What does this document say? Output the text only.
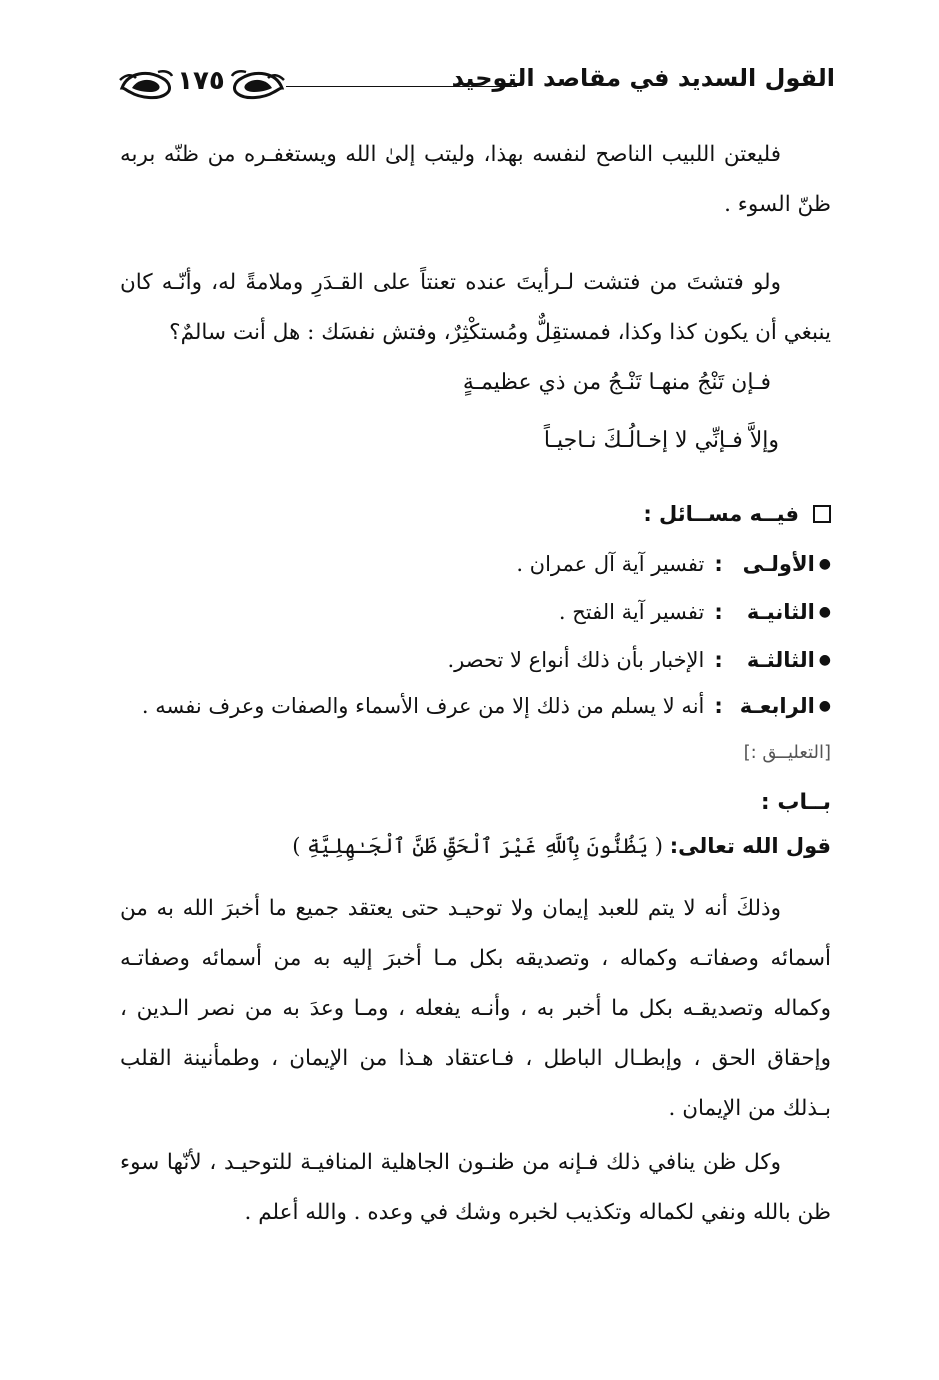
القول السديد في مقاصد التوحيد
١٧٥

فليعتن اللبيب الناصح لنفسه بهذا، وليتب إلىٰ الله ويستغفـره من ظنّه بربه ظنّ السوء .

ولو فتشتَ من فتشت لـرأيتَ عنده تعنتاً على القـدَرِ وملامةً له، وأنّـه كان ينبغي أن يكون كذا وكذا، فمستقِلٌّ ومُستكْثِرٌ، وفتش نفسَك : هل أنت سالمٌ؟

فـإن تَنْجُ منهـا تَنْـجُ من ذي عظيمـةٍ
وإلاَّ فـإنِّي لا إخـالُـكَ نـاجيـاً
فيــه مســائل :
●
الأولـى
:
تفسير آية آل عمران .
●
الثانيـة
:
تفسير آية الفتح .
●
الثالثـة
:
الإخبار بأن ذلك أنواع لا تحصر.
●
الرابعـة
:
أنه لا يسلم من ذلك إلا من عرف الأسماء والصفات وعرف نفسه .
[التعليــق :]
بــاب :
قول الله تعالى: ( يَظُنُّونَ بِٱللَّهِ غَيْرَ ٱلْحَقِّ ظَنَّ ٱلْجَـٰهِلِيَّةِ )

وذلكَ أنه لا يتم للعبد إيمان ولا توحيـد حتى يعتقد جميع ما أخبرَ الله به من أسمائه وصفاتـه وكماله ، وتصديقه بكل مـا أخبرَ إليه به من أسمائه وصفاتـه وكماله وتصديقـه بكل ما أخبر به ، وأنـه يفعله ، ومـا وعدَ به من نصر الـدين ، وإحقاق الحق ، وإبطـال الباطل ، فـاعتقاد هـذا من الإيمان ، وطمأنينة القلب بـذلك من الإيمان .

وكل ظن ينافي ذلك فـإنه من ظنـون الجاهلية المنافيـة للتوحيـد ، لأنّها سوء ظن بالله ونفي لكماله وتكذيب لخبره وشك في وعده . والله أعلم .
